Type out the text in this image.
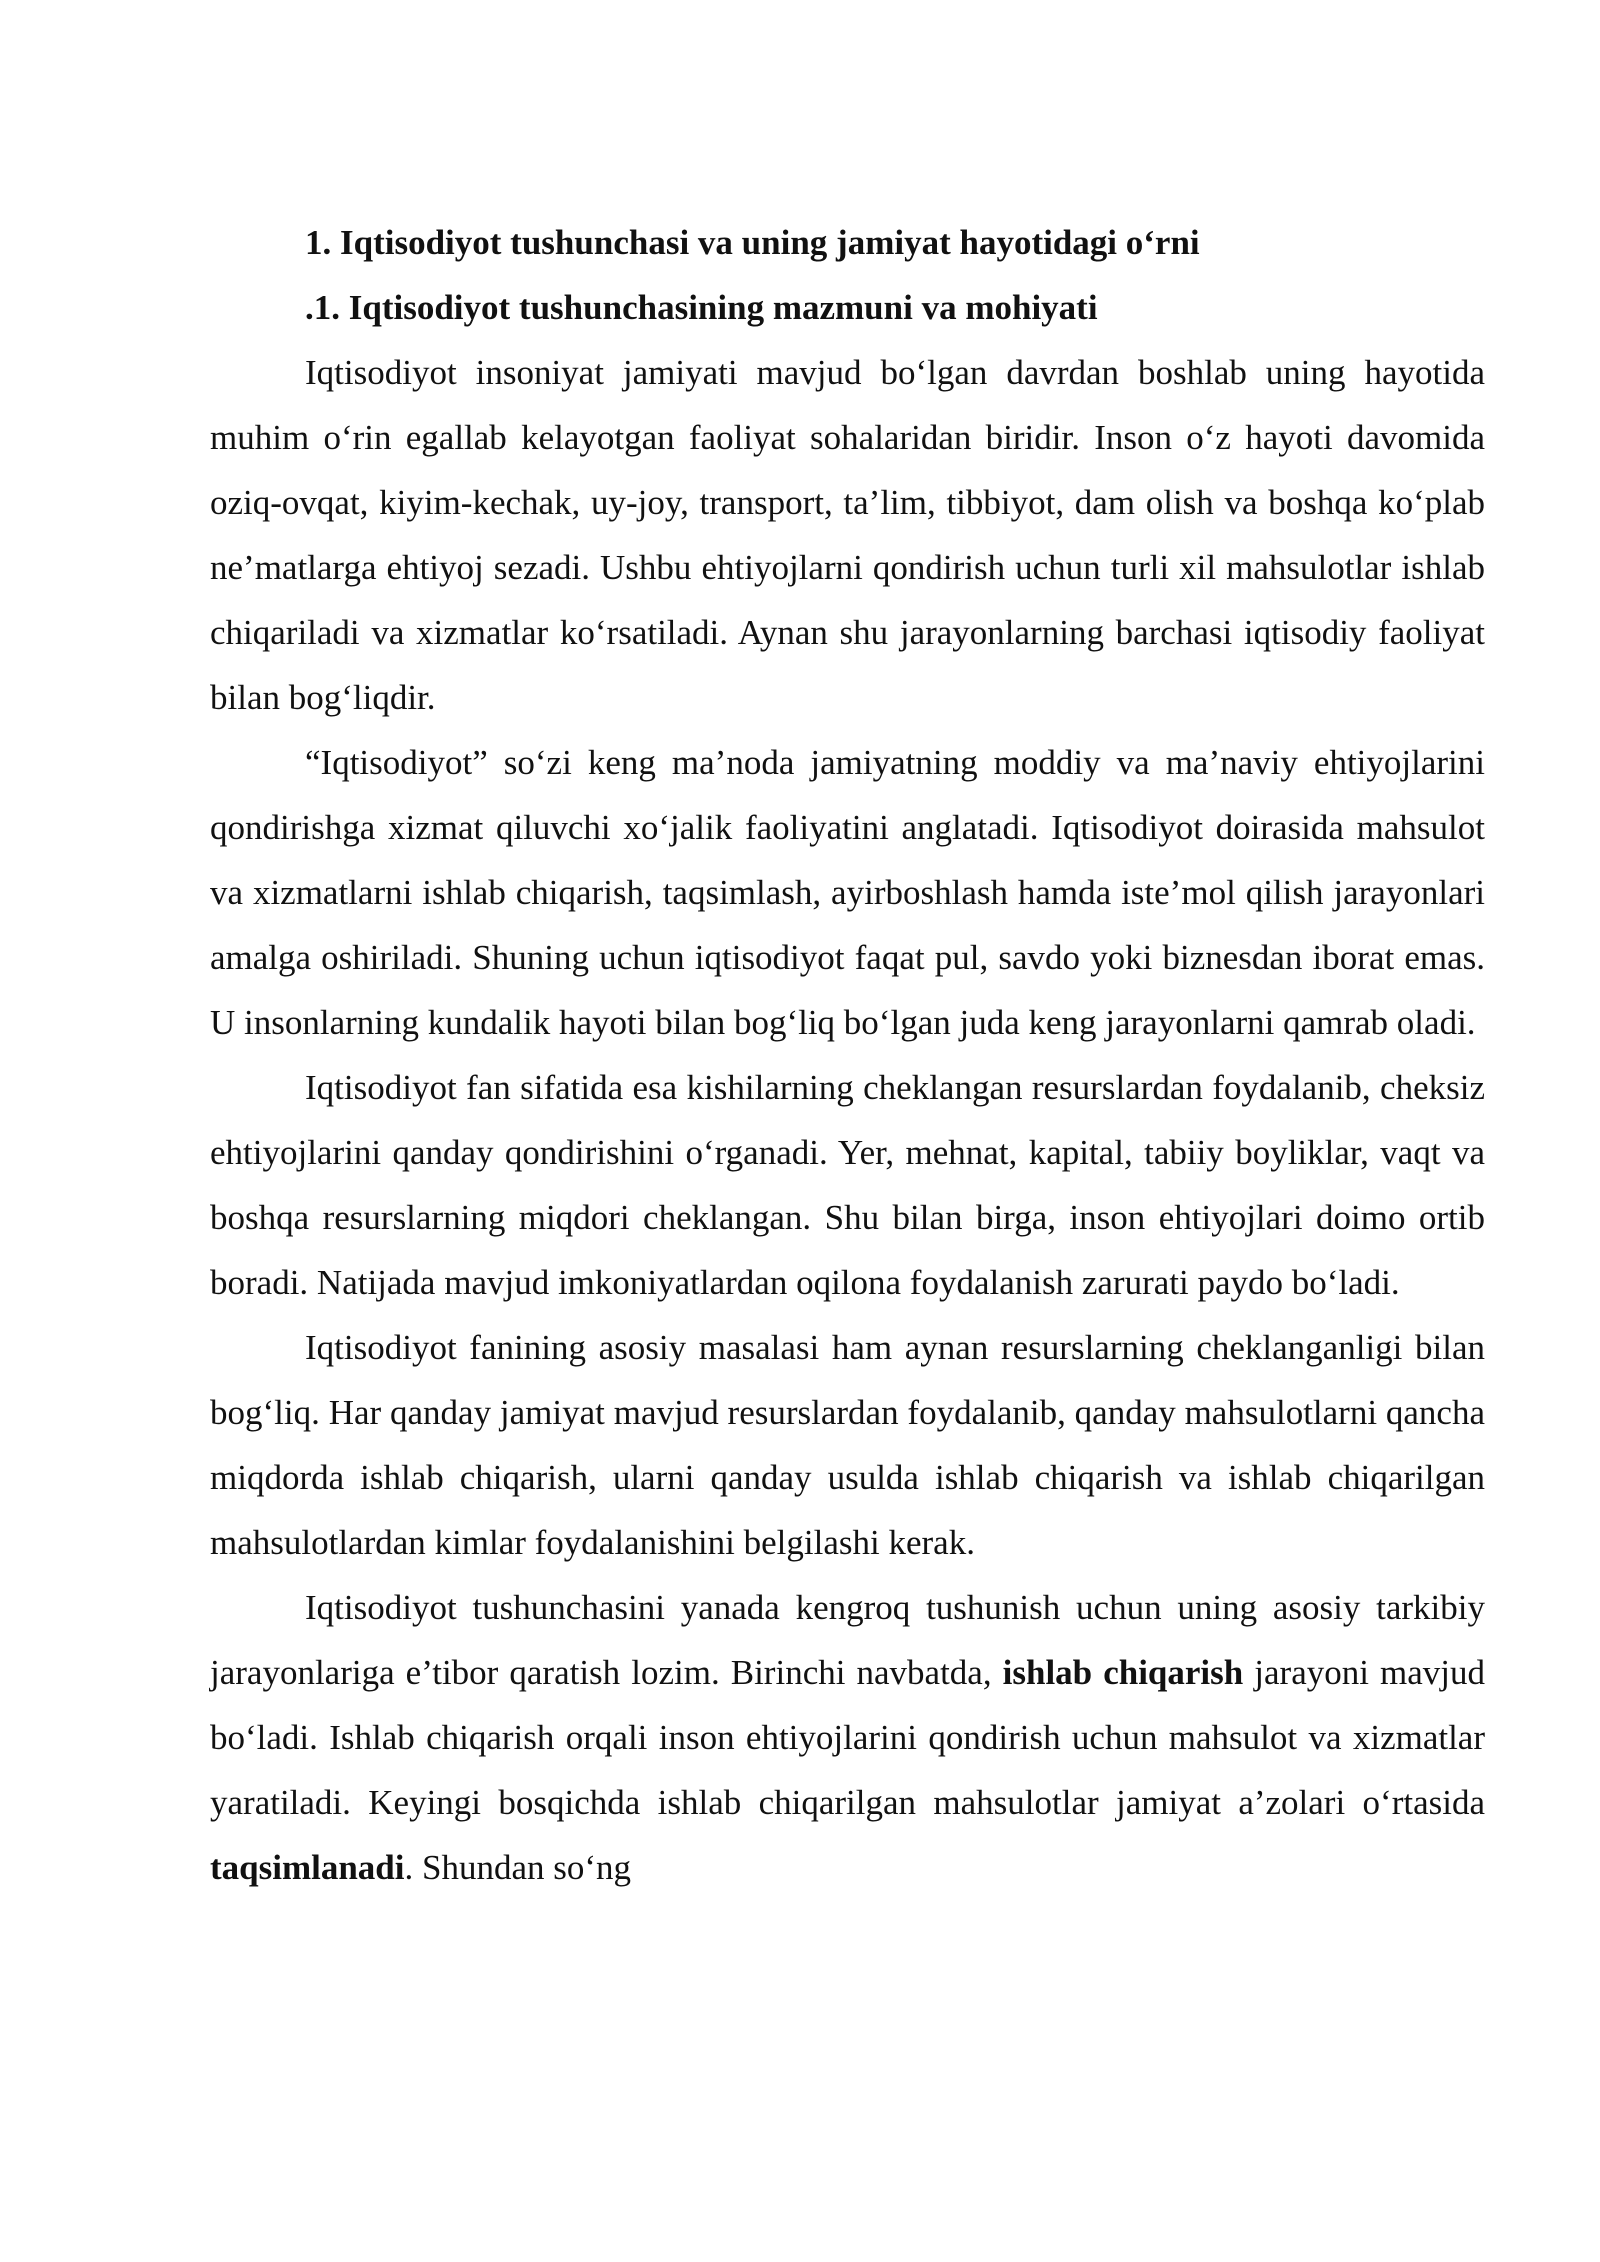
1. Iqtisodiyot tushunchasi va uning jamiyat hayotidagi o‘rni

.1. Iqtisodiyot tushunchasining mazmuni va mohiyati

Iqtisodiyot insoniyat jamiyati mavjud bo‘lgan davrdan boshlab uning hayotida muhim o‘rin egallab kelayotgan faoliyat sohalaridan biridir. Inson o‘z hayoti davomida oziq-ovqat, kiyim-kechak, uy-joy, transport, ta’lim, tibbiyot, dam olish va boshqa ko‘plab ne’matlarga ehtiyoj sezadi. Ushbu ehtiyojlarni qondirish uchun turli xil mahsulotlar ishlab chiqariladi va xizmatlar ko‘rsatiladi. Aynan shu jarayonlarning barchasi iqtisodiy faoliyat bilan bog‘liqdir.

“Iqtisodiyot” so‘zi keng ma’noda jamiyatning moddiy va ma’naviy ehtiyojlarini qondirishga xizmat qiluvchi xo‘jalik faoliyatini anglatadi. Iqtisodiyot doirasida mahsulot va xizmatlarni ishlab chiqarish, taqsimlash, ayirboshlash hamda iste’mol qilish jarayonlari amalga oshiriladi. Shuning uchun iqtisodiyot faqat pul, savdo yoki biznesdan iborat emas. U insonlarning kundalik hayoti bilan bog‘liq bo‘lgan juda keng jarayonlarni qamrab oladi.

Iqtisodiyot fan sifatida esa kishilarning cheklangan resurslardan foydalanib, cheksiz ehtiyojlarini qanday qondirishini o‘rganadi. Yer, mehnat, kapital, tabiiy boyliklar, vaqt va boshqa resurslarning miqdori cheklangan. Shu bilan birga, inson ehtiyojlari doimo ortib boradi. Natijada mavjud imkoniyatlardan oqilona foydalanish zarurati paydo bo‘ladi.

Iqtisodiyot fanining asosiy masalasi ham aynan resurslarning cheklanganligi bilan bog‘liq. Har qanday jamiyat mavjud resurslardan foydalanib, qanday mahsulotlarni qancha miqdorda ishlab chiqarish, ularni qanday usulda ishlab chiqarish va ishlab chiqarilgan mahsulotlardan kimlar foydalanishini belgilashi kerak.

Iqtisodiyot tushunchasini yanada kengroq tushunish uchun uning asosiy tarkibiy jarayonlariga e’tibor qaratish lozim. Birinchi navbatda, ishlab chiqarish jarayoni mavjud bo‘ladi. Ishlab chiqarish orqali inson ehtiyojlarini qondirish uchun mahsulot va xizmatlar yaratiladi. Keyingi bosqichda ishlab chiqarilgan mahsulotlar jamiyat a’zolari o‘rtasida taqsimlanadi. Shundan so‘ng
